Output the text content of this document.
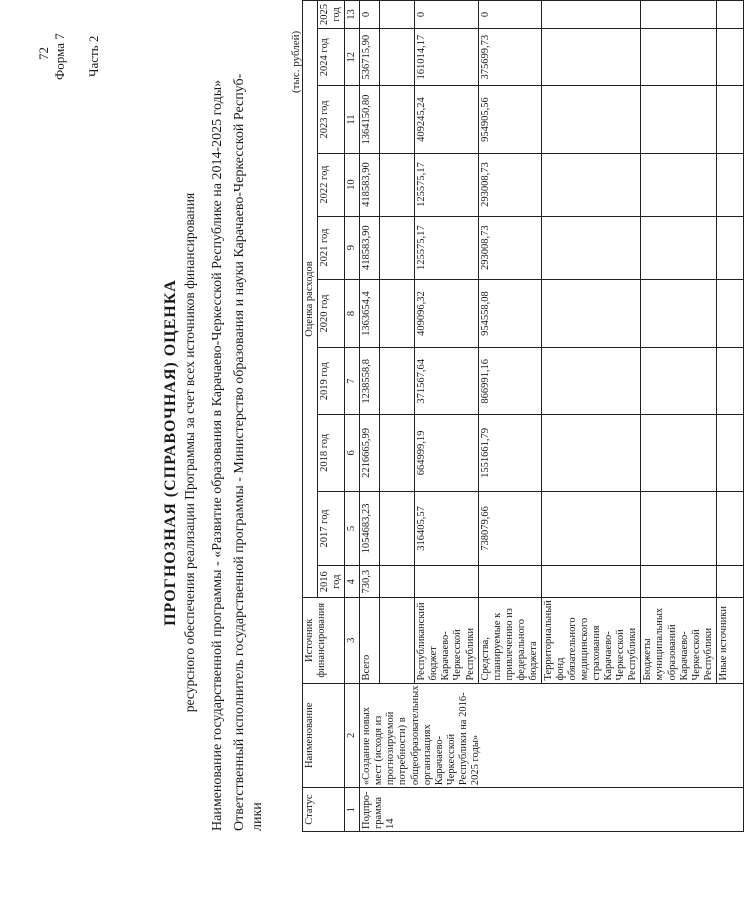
72 Форма 7 Часть 2
ПРОГНОЗНАЯ (СПРАВОЧНАЯ) ОЦЕНКА ресурсного обеспечения реализации Программы за счет всех источников финансирования Наименование государственной программы - «Развитие образования в Карачаево-Черкесской Республике на 2014-2025 годы» Ответственный исполнитель государственной программы - Министерство образования и науки Карачаево-Черкесской Респуб- лики
(тыс. рублей)
Статус	Наименование	Источник финансирования	Оценка расходов									
			2016 год	2017 год	2018 год	2019 год	2020 год	2021 год	2022 год	2023 год	2024 год	2025 год
1	2	3	4	5	6	7	8	9	10	11	12	13
Подпро-грамма 14	«Создание новых мест (исходя из прогнозируемой потребности) в общеобразовательных организациях Карачаево-Черкесской Республики на 2016-2025 годы»	Всего	730,3	1054683,23	2216665,99	1238558,8	1363654,4	418583,90	418583,90	1364150,80	536715,90	0

		Республиканский бюджет Карачаево-Черкесской Республики		316405,57	664999,19	371567,64	409096,32	125575,17	125575,17	409245,24	161014,17	0
		Средства, планируемые к привлечению из федерального бюджета		738079,66	1551661,79	866991,16	954558,08	293008,73	293008,73	954905,56	375699,73	0
		Территориальный фонд обязательного медицинского страхования Карачаево-Черкесской Республики										
		Бюджеты муниципальных образований Карачаево-Черкесской Республики										
		Иные источники										
